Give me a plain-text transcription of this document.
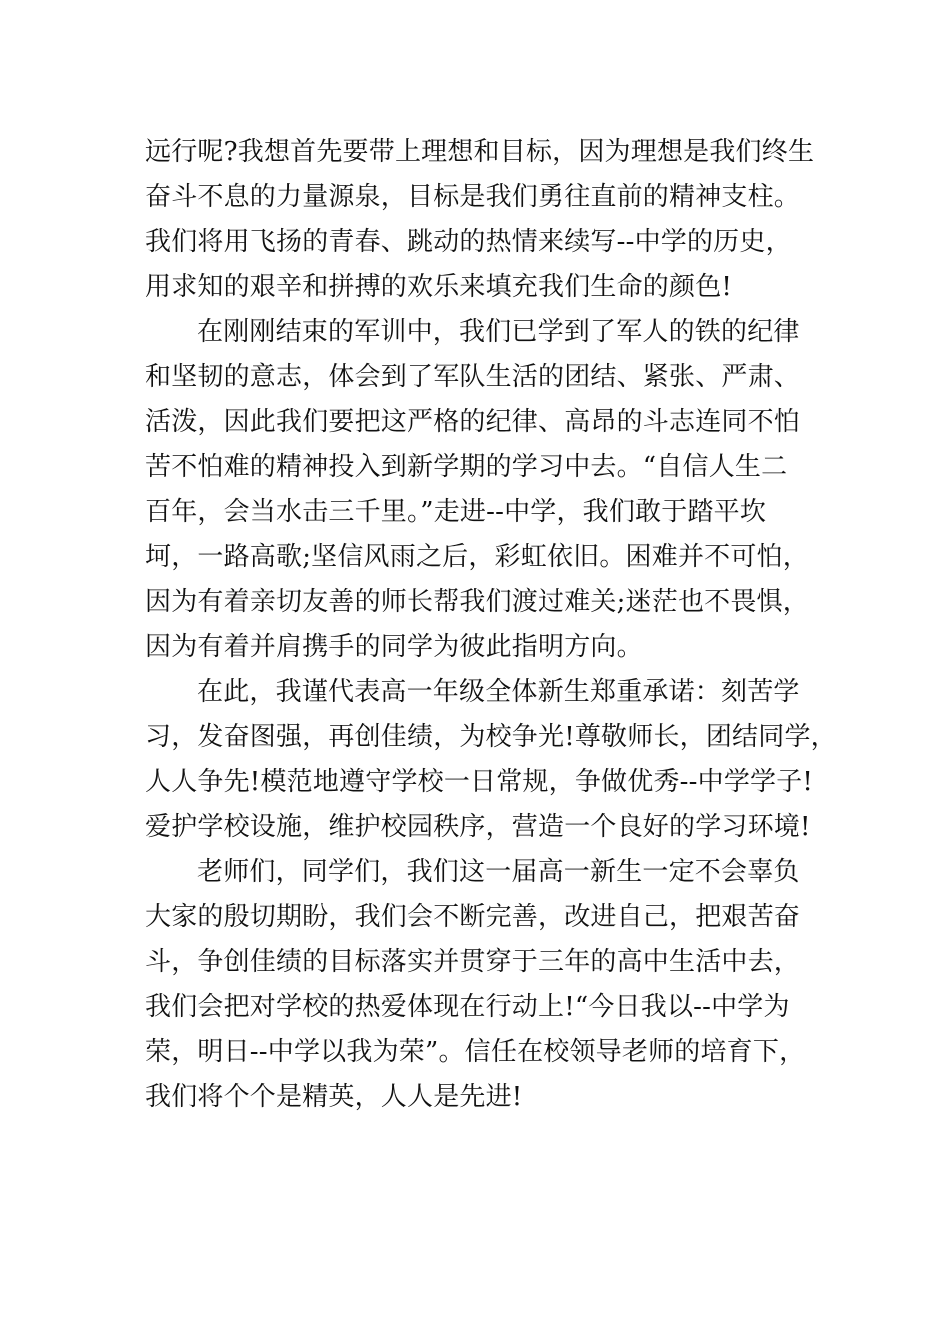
远行呢?我想首先要带上理想和目标，因为理想是我们终生
奋斗不息的力量源泉，目标是我们勇往直前的精神支柱。
我们将用飞扬的青春、跳动的热情来续写--中学的历史，
用求知的艰辛和拼搏的欢乐来填充我们生命的颜色!
在刚刚结束的军训中，我们已学到了军人的铁的纪律
和坚韧的意志，体会到了军队生活的团结、紧张、严肃、
活泼，因此我们要把这严格的纪律、高昂的斗志连同不怕
苦不怕难的精神投入到新学期的学习中去。“自信人生二
百年，会当水击三千里。”走进--中学，我们敢于踏平坎
坷，一路高歌;坚信风雨之后，彩虹依旧。困难并不可怕，
因为有着亲切友善的师长帮我们渡过难关;迷茫也不畏惧，
因为有着并肩携手的同学为彼此指明方向。
在此，我谨代表高一年级全体新生郑重承诺：刻苦学
习，发奋图强，再创佳绩，为校争光!尊敬师长，团结同学，
人人争先!模范地遵守学校一日常规，争做优秀--中学学子!
爱护学校设施，维护校园秩序，营造一个良好的学习环境!
老师们，同学们，我们这一届高一新生一定不会辜负
大家的殷切期盼，我们会不断完善，改进自己，把艰苦奋
斗，争创佳绩的目标落实并贯穿于三年的高中生活中去，
我们会把对学校的热爱体现在行动上!“今日我以--中学为
荣，明日--中学以我为荣”。信任在校领导老师的培育下，
我们将个个是精英，人人是先进!
